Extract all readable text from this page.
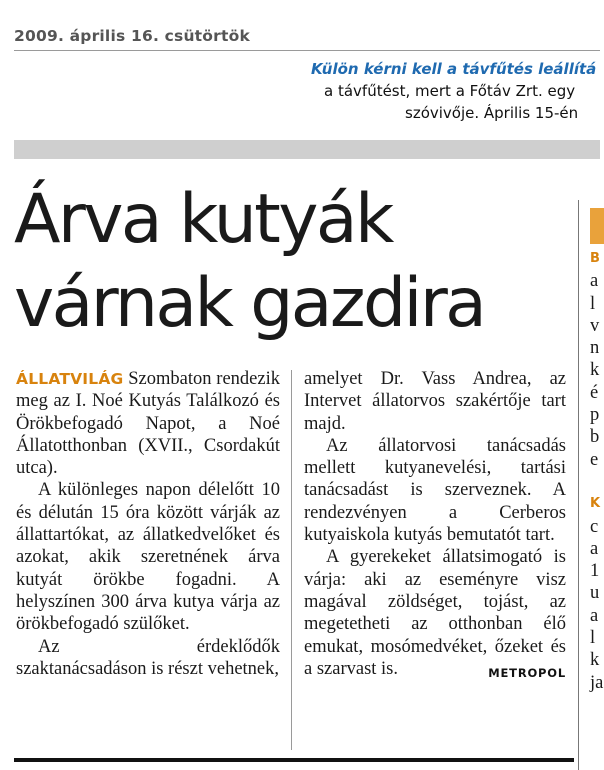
2009. április 16. csütörtök
Külön kérni kell a távfűtés leállítá
a távfűtést, mert a Főtáv Zrt. egy
szóvivője. Április 15-én
Árva kutyák
várnak gazdira

ÁLLATVILÁG Szombaton rendezik meg az I. Noé Kutyás Találkozó és Örökbefogadó Napot, a Noé Állatotthonban (XVII., Csordakút utca).

A különleges napon délelőtt 10 és délután 15 óra között várják az állattartókat, az állatkedvelőket és azokat, akik szeretnének árva kutyát örökbe fogadni. A helyszínen 300 árva kutya várja az örökbefogadó szülőket.

Az érdeklődők szaktanácsadáson is részt vehetnek,

amelyet Dr. Vass Andrea, az Intervet állatorvos szakértője tart majd.

Az állatorvosi tanácsadás mellett kutyanevelési, tartási tanácsadást is szerveznek. A rendezvényen a Cerberos kutyaiskola kutyás bemutatót tart.

A gyerekeket állatsimogató is várja: aki az eseményre visz magával zöldséget, tojást, az megetetheti az otthonban élő emukat, mosómedvéket, őzeket és a szarvast is.	METROPOL

B
a
l
v
n
k
é
p
b
e
K
c
a
1
u
a
l
k
ja
